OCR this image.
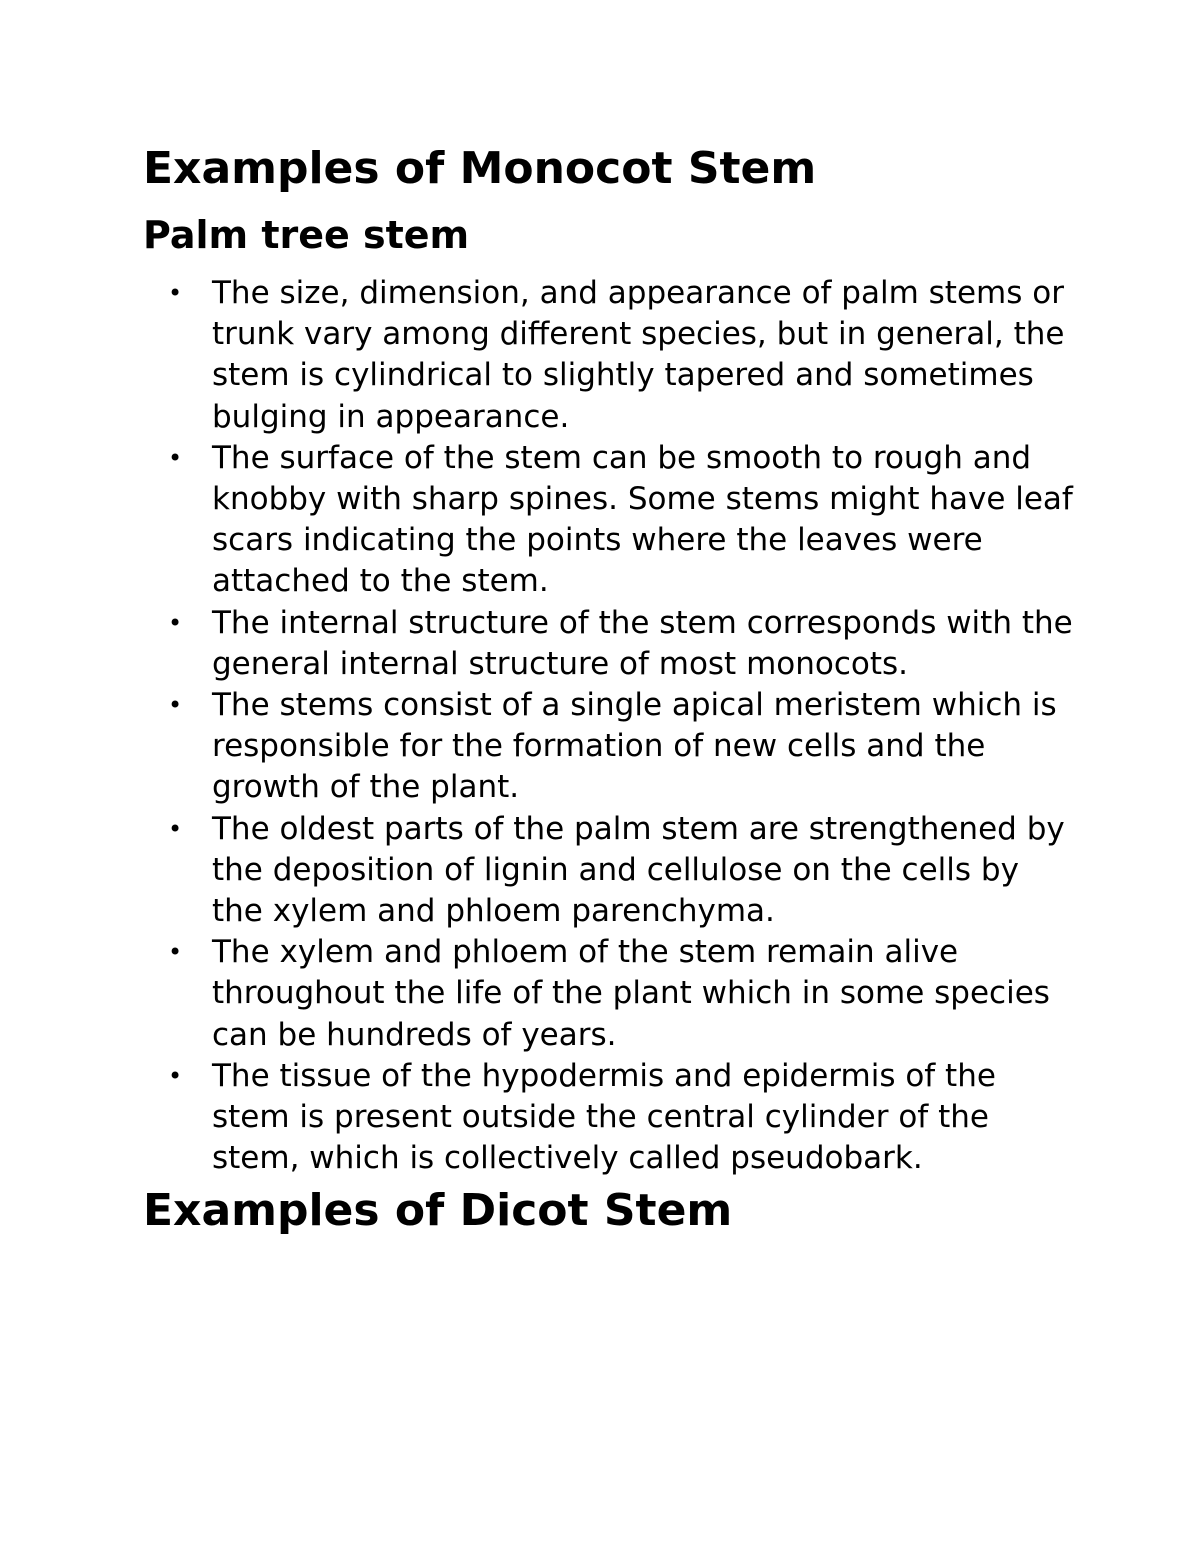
Examples of Monocot Stem
Palm tree stem
• The size, dimension, and appearance of palm stems or trunk vary among different species, but in general, the stem is cylindrical to slightly tapered and sometimes bulging in appearance.
• The surface of the stem can be smooth to rough and knobby with sharp spines. Some stems might have leaf scars indicating the points where the leaves were attached to the stem.
• The internal structure of the stem corresponds with the general internal structure of most monocots.
• The stems consist of a single apical meristem which is responsible for the formation of new cells and the growth of the plant.
• The oldest parts of the palm stem are strengthened by the deposition of lignin and cellulose on the cells by the xylem and phloem parenchyma.
• The xylem and phloem of the stem remain alive throughout the life of the plant which in some species can be hundreds of years.
• The tissue of the hypodermis and epidermis of the stem is present outside the central cylinder of the stem, which is collectively called pseudobark.
Examples of Dicot Stem
